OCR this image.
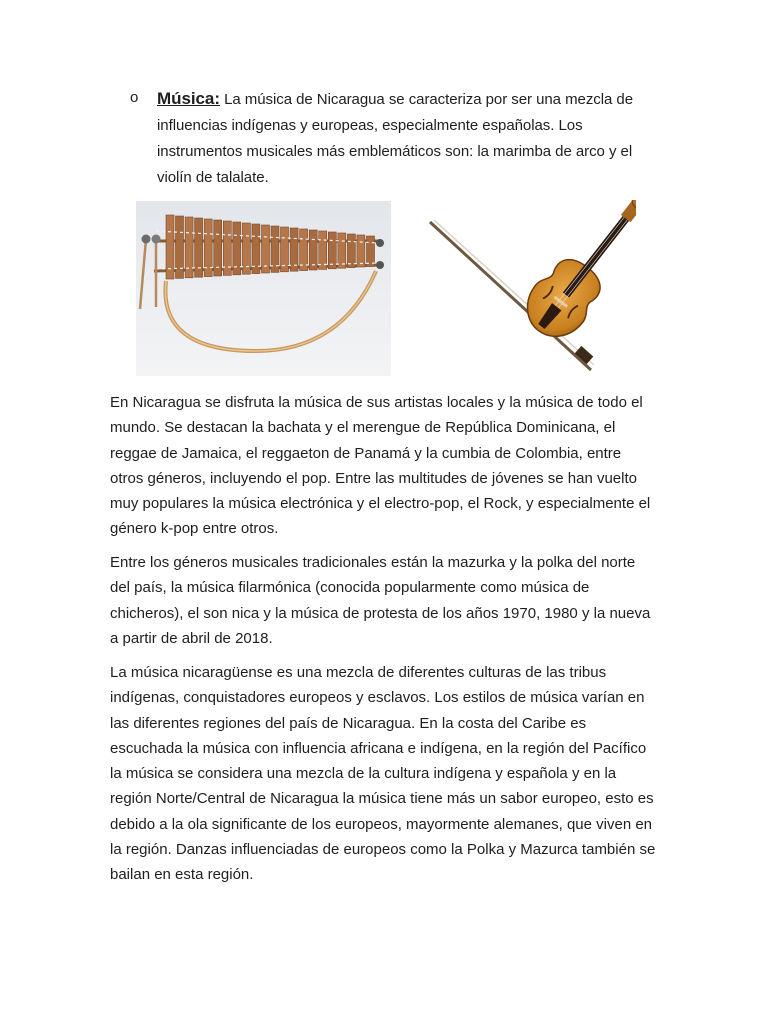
o Música: La música de Nicaragua se caracteriza por ser una mezcla de influencias indígenas y europeas, especialmente españolas. Los instrumentos musicales más emblemáticos son: la marimba de arco y el violín de talalate.

En Nicaragua se disfruta la música de sus artistas locales y la música de todo el mundo. Se destacan la bachata y el merengue de República Dominicana, el reggae de Jamaica, el reggaeton de Panamá y la cumbia de Colombia, entre otros géneros, incluyendo el pop. Entre las multitudes de jóvenes se han vuelto muy populares la música electrónica y el electro-pop, el Rock, y especialmente el género k-pop entre otros.

Entre los géneros musicales tradicionales están la mazurka y la polka del norte del país, la música filarmónica (conocida popularmente como música de chicheros), el son nica y la música de protesta de los años 1970, 1980 y la nueva a partir de abril de 2018.

La música nicaragüense es una mezcla de diferentes culturas de las tribus indígenas, conquistadores europeos y esclavos. Los estilos de música varían en las diferentes regiones del país de Nicaragua. En la costa del Caribe es escuchada la música con influencia africana e indígena, en la región del Pacífico la música se considera una mezcla de la cultura indígena y española y en la región Norte/Central de Nicaragua la música tiene más un sabor europeo, esto es debido a la ola significante de los europeos, mayormente alemanes, que viven en la región. Danzas influenciadas de europeos como la Polka y Mazurca también se bailan en esta región.
